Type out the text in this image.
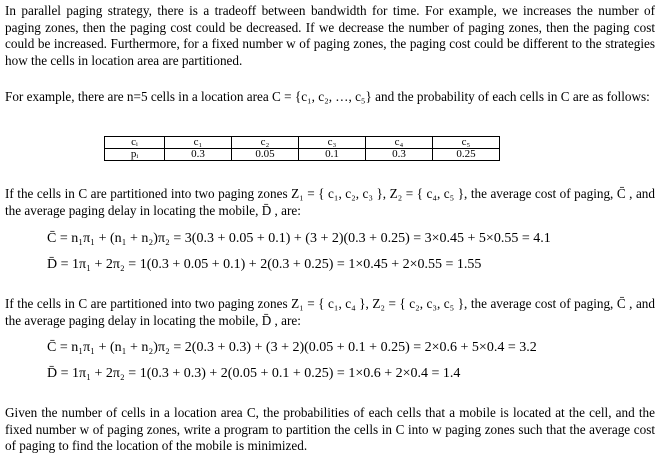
In parallel paging strategy, there is a tradeoff between bandwidth for time. For example, we increases the number of paging zones, then the paging cost could be decreased. If we decrease the number of paging zones, then the paging cost could be increased. Furthermore, for a fixed number w of paging zones, the paging cost could be different to the strategies how the cells in location area are partitioned.

For example, there are n=5 cells in a location area C = {c₁, c₂, …, c₅} and the probability of each cells in C are as follows:

cᵢ	c₁	c₂	c₃	c₄	c₅
pᵢ	0.3	0.05	0.1	0.3	0.25

If the cells in C are partitioned into two paging zones Z₁ = { c₁, c₂, c₃ }, Z₂ = { c₄, c₅ }, the average cost of paging, C̄ , and the average paging delay in locating the mobile, D̄ , are:

C̄ = n₁π₁ + (n₁ + n₂)π₂ = 3(0.3 + 0.05 + 0.1) + (3 + 2)(0.3 + 0.25) = 3×0.45 + 5×0.55 = 4.1
D̄ = 1π₁ + 2π₂ = 1(0.3 + 0.05 + 0.1) + 2(0.3 + 0.25) = 1×0.45 + 2×0.55 = 1.55

If the cells in C are partitioned into two paging zones Z₁ = { c₁, c₄ }, Z₂ = { c₂, c₃, c₅ }, the average cost of paging, C̄ , and the average paging delay in locating the mobile, D̄ , are:

C̄ = n₁π₁ + (n₁ + n₂)π₂ = 2(0.3 + 0.3) + (3 + 2)(0.05 + 0.1 + 0.25) = 2×0.6 + 5×0.4 = 3.2
D̄ = 1π₁ + 2π₂ = 1(0.3 + 0.3) + 2(0.05 + 0.1 + 0.25) = 1×0.6 + 2×0.4 = 1.4

Given the number of cells in a location area C, the probabilities of each cells that a mobile is located at the cell, and the fixed number w of paging zones, write a program to partition the cells in C into w paging zones such that the average cost of paging to find the location of the mobile is minimized.
